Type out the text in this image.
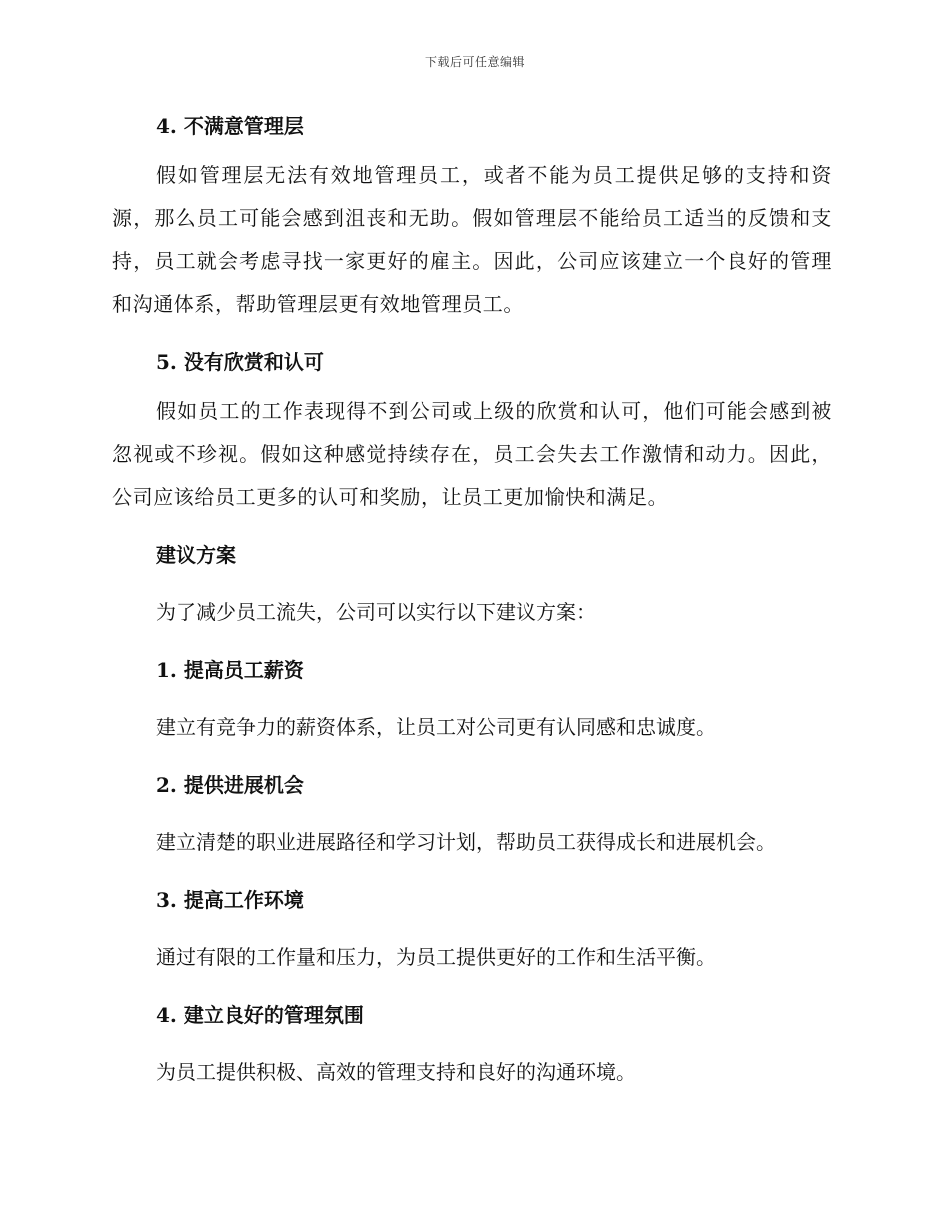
下载后可任意编辑
4. 不满意管理层

假如管理层无法有效地管理员工，或者不能为员工提供足够的支持和资源，那么员工可能会感到沮丧和无助。假如管理层不能给员工适当的反馈和支持，员工就会考虑寻找一家更好的雇主。因此，公司应该建立一个良好的管理和沟通体系，帮助管理层更有效地管理员工。

5. 没有欣赏和认可

假如员工的工作表现得不到公司或上级的欣赏和认可，他们可能会感到被忽视或不珍视。假如这种感觉持续存在，员工会失去工作激情和动力。因此，公司应该给员工更多的认可和奖励，让员工更加愉快和满足。

建议方案

为了减少员工流失，公司可以实行以下建议方案：

1. 提高员工薪资

建立有竞争力的薪资体系，让员工对公司更有认同感和忠诚度。

2. 提供进展机会

建立清楚的职业进展路径和学习计划，帮助员工获得成长和进展机会。

3. 提高工作环境

通过有限的工作量和压力，为员工提供更好的工作和生活平衡。

4. 建立良好的管理氛围

为员工提供积极、高效的管理支持和良好的沟通环境。
